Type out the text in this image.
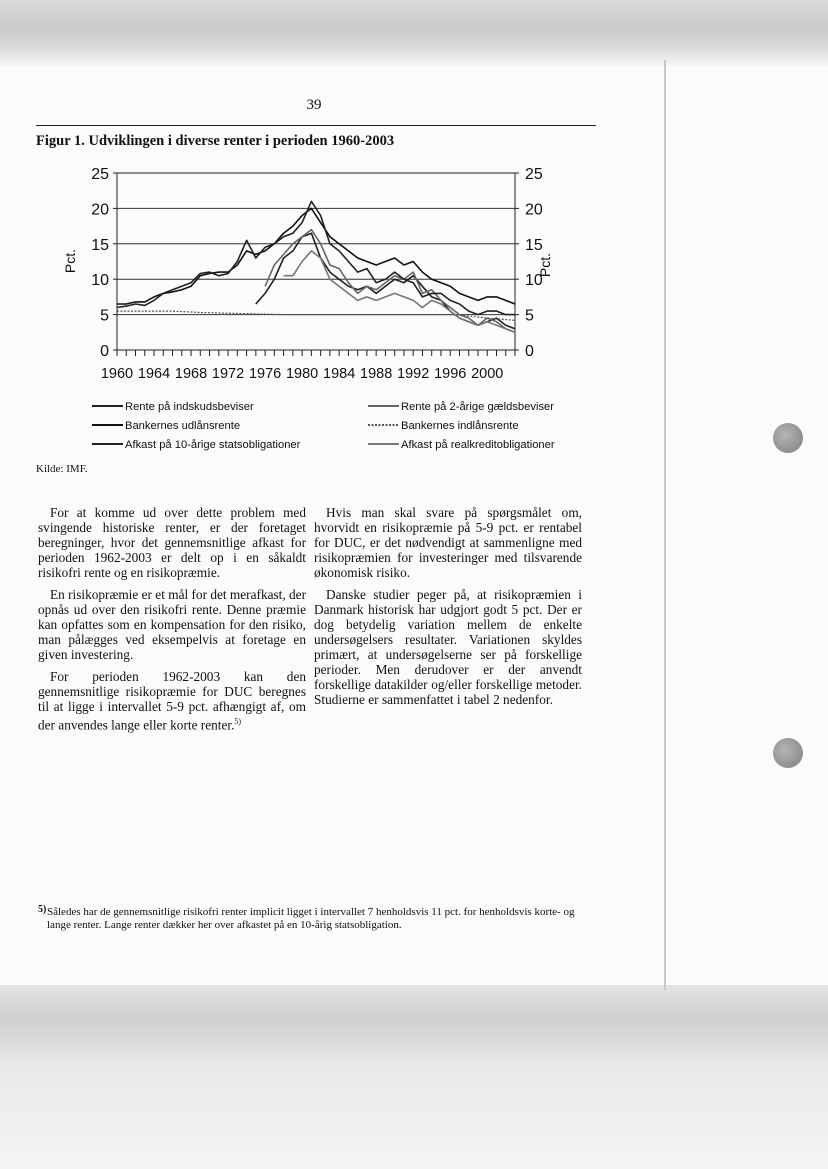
39
Figur 1. Udviklingen i diverse renter i perioden 1960-2003
0	0
5	5
10	10
15	15
20	20
25	25
1960 1964 1968 1972 1976 1980 1984 1988 1992 1996 2000
Pct.	Pct.
Rente på indskudsbeviser	Rente på 2-årige gældsbeviser
Bankernes udlånsrente	Bankernes indlånsrente
Afkast på 10-årige statsobligationer	Afkast på realkreditobligationer
Kilde: IMF.

For at komme ud over dette problem med svingende historiske renter, er der foretaget beregninger, hvor det gennemsnitlige afkast for perioden 1962-2003 er delt op i en såkaldt risikofri rente og en risikopræmie.

En risikopræmie er et mål for det merafkast, der opnås ud over den risikofri rente. Denne præmie kan opfattes som en kompensation for den risiko, man pålægges ved eksempelvis at foretage en given investering.

For perioden 1962-2003 kan den gennemsnitlige risikopræmie for DUC beregnes til at ligge i intervallet 5-9 pct. afhængigt af, om der anvendes lange eller korte renter.$^{5)}$

Hvis man skal svare på spørgsmålet om, hvorvidt en risikopræmie på 5-9 pct. er rentabel for DUC, er det nødvendigt at sammenligne med risikopræmien for investeringer med tilsvarende økonomisk risiko.

Danske studier peger på, at risikopræmien i Danmark historisk har udgjort godt 5 pct. Der er dog betydelig variation mellem de enkelte undersøgelsers resultater. Variationen skyldes primært, at undersøgelserne ser på forskellige perioder. Men derudover er der anvendt forskellige datakilder og/eller forskellige metoder. Studierne er sammenfattet i tabel 2 nedenfor.

5) Således har de gennemsnitlige risikofri renter implicit ligget i intervallet 7 henholdsvis 11 pct. for henholdsvis korte- og lange renter. Lange renter dækker her over afkastet på en 10-årig statsobligation.
